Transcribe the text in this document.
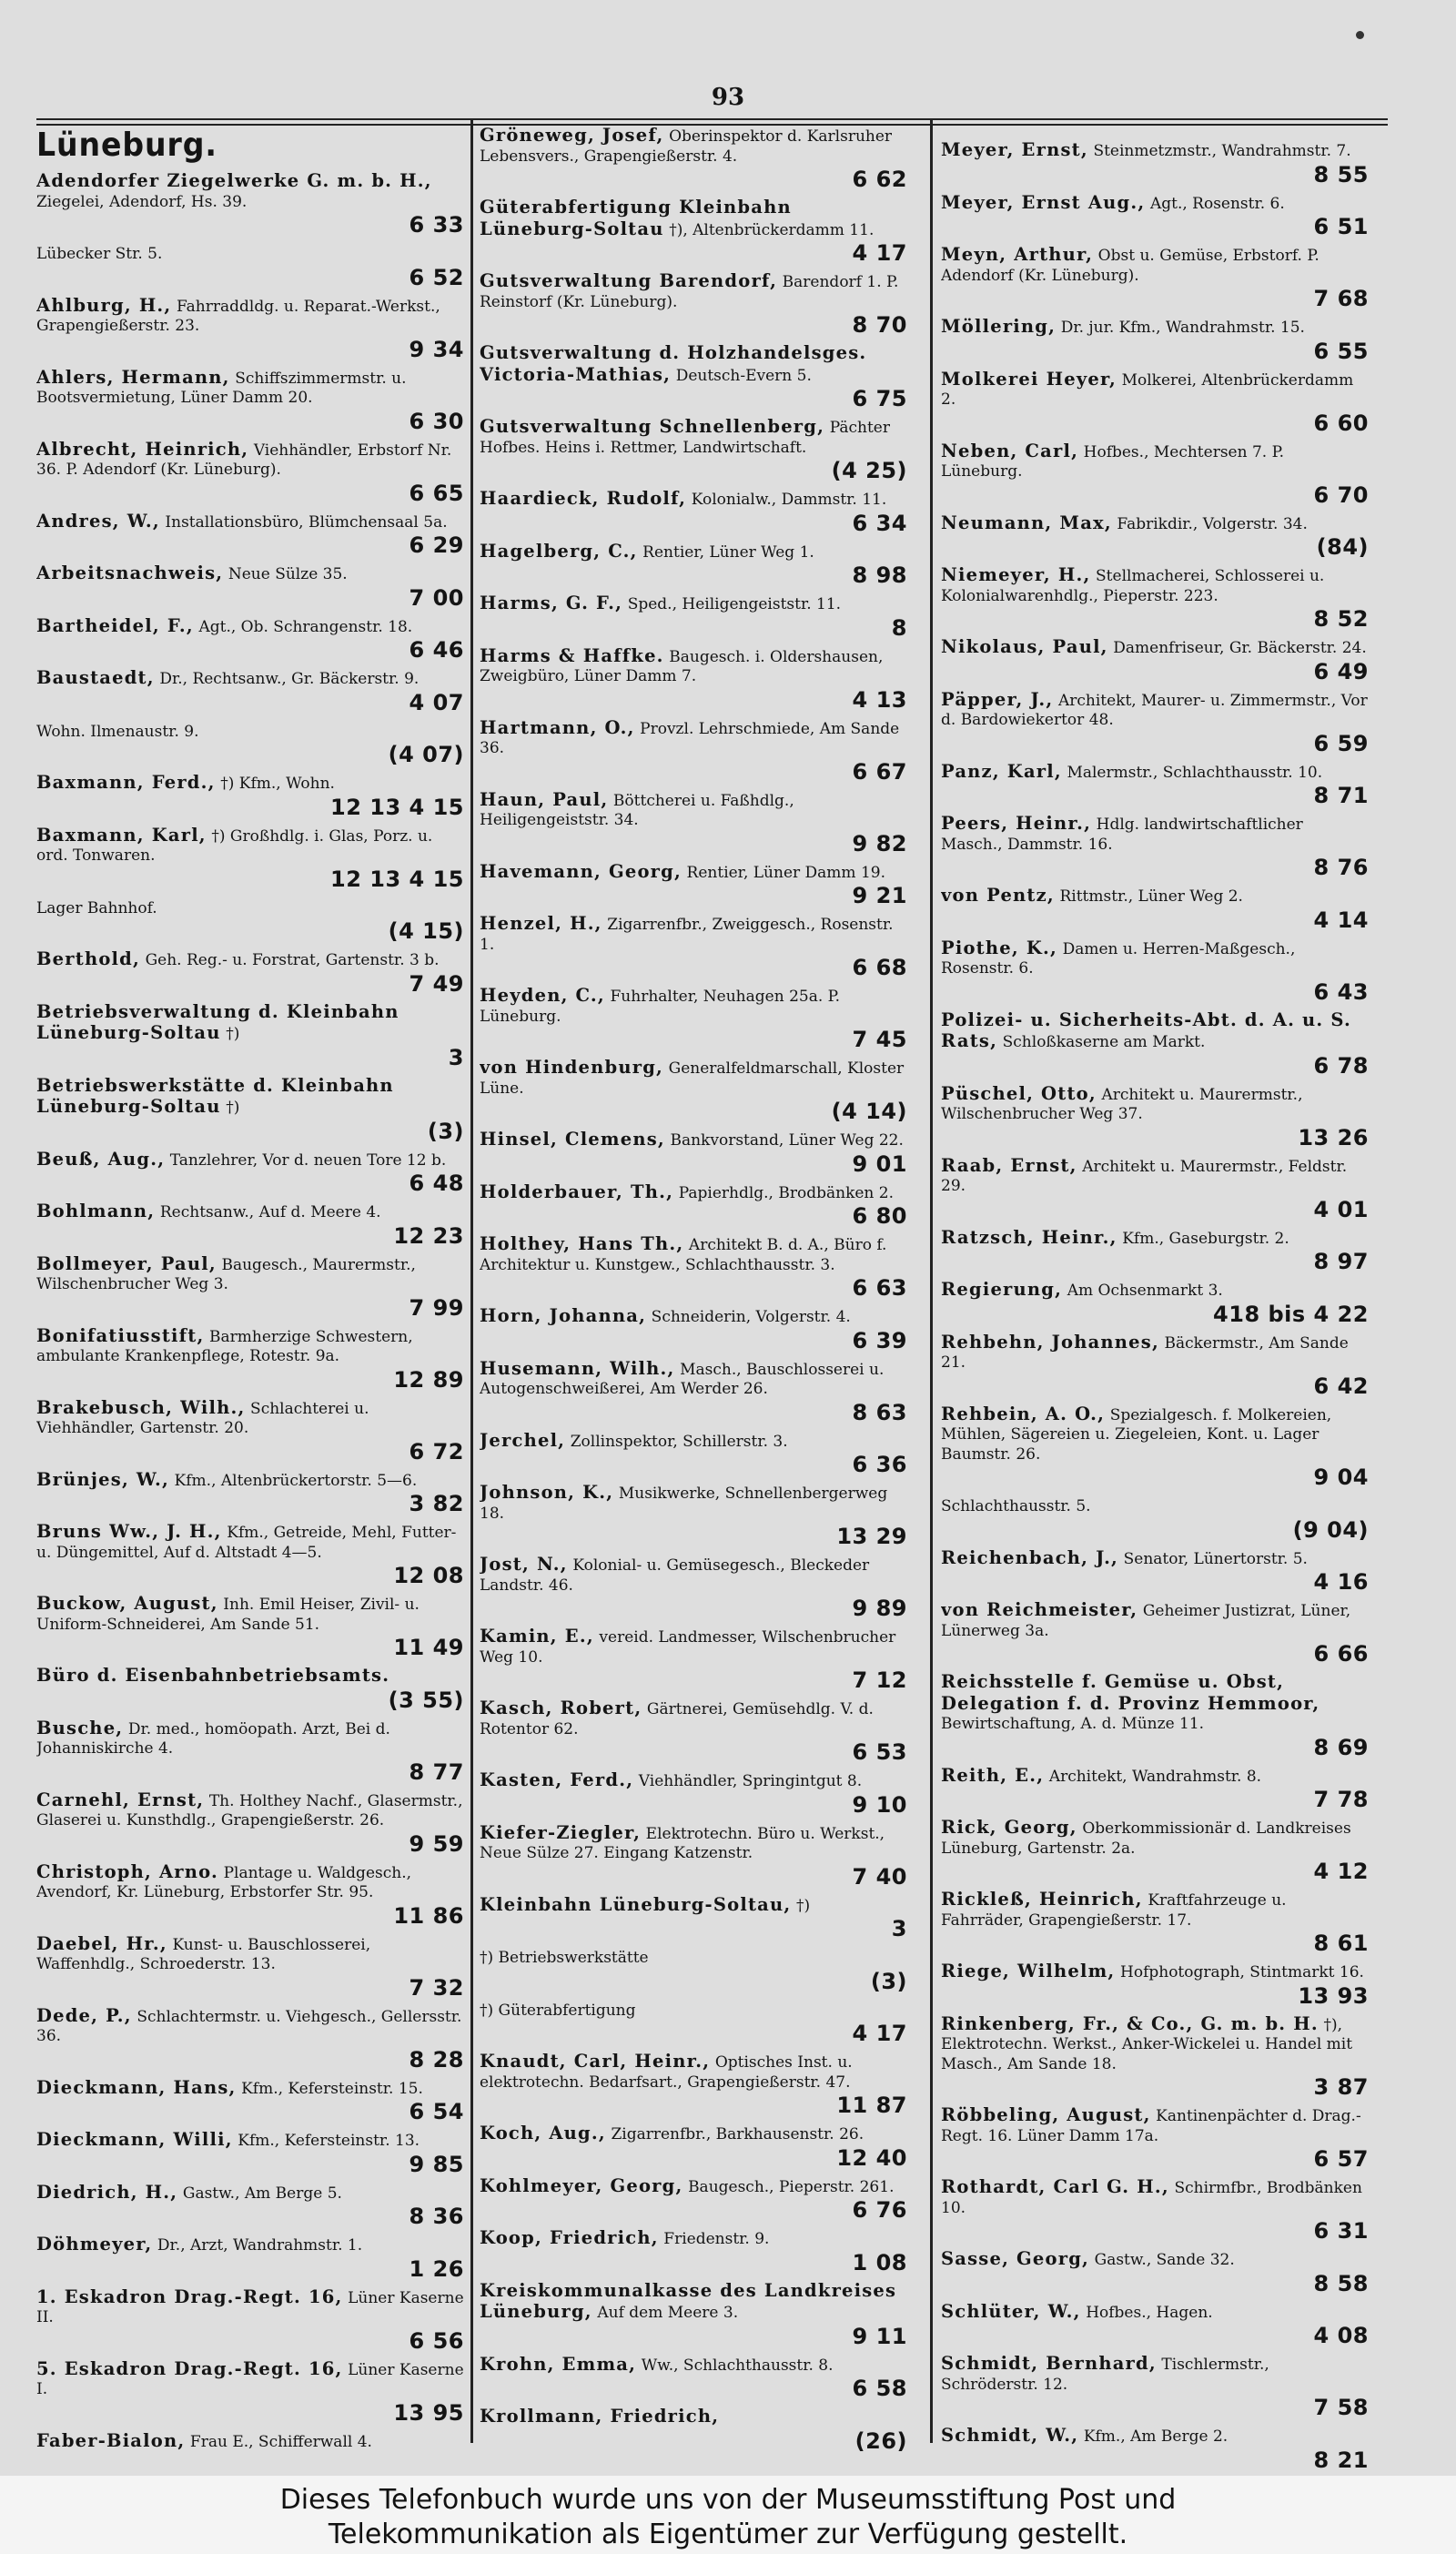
93
Lüneburg.
Adendorfer Ziegelwerke G. m. b. H., Ziegelei, Adendorf, Hs. 39.
6 33
Lübecker Str. 5.
6 52
Ahlburg, H., Fahrraddldg. u. Reparat.-Werkst., Grapengießerstr. 23.
9 34
Ahlers, Hermann, Schiffszimmermstr. u. Bootsvermietung, Lüner Damm 20.
6 30
Albrecht, Heinrich, Viehhändler, Erbstorf Nr. 36. P. Adendorf (Kr. Lüneburg).
6 65
Andres, W., Installationsbüro, Blümchensaal 5a.
6 29
Arbeitsnachweis, Neue Sülze 35.
7 00
Bartheidel, F., Agt., Ob. Schrangenstr. 18.
6 46
Baustaedt, Dr., Rechtsanw., Gr. Bäckerstr. 9.
4 07
Wohn. Ilmenaustr. 9.
(4 07)
Baxmann, Ferd., †) Kfm., Wohn.
12 13 4 15
Baxmann, Karl, †) Großhdlg. i. Glas, Porz. u. ord. Tonwaren.
12 13 4 15
Lager Bahnhof.
(4 15)
Berthold, Geh. Reg.- u. Forstrat, Gartenstr. 3 b.
7 49
Betriebsverwaltung d. Kleinbahn Lüneburg-Soltau †)
3
Betriebswerkstätte d. Kleinbahn Lüneburg-Soltau †)
(3)
Beuß, Aug., Tanzlehrer, Vor d. neuen Tore 12 b.
6 48
Bohlmann, Rechtsanw., Auf d. Meere 4.
12 23
Bollmeyer, Paul, Baugesch., Maurermstr., Wilschenbrucher Weg 3.
7 99
Bonifatiusstift, Barmherzige Schwestern, ambulante Krankenpflege, Rotestr. 9a.
12 89
Brakebusch, Wilh., Schlachterei u. Viehhändler, Gartenstr. 20.
6 72
Brünjes, W., Kfm., Altenbrückertorstr. 5—6.
3 82
Bruns Ww., J. H., Kfm., Getreide, Mehl, Futter- u. Düngemittel, Auf d. Altstadt 4—5.
12 08
Buckow, August, Inh. Emil Heiser, Zivil- u. Uniform-Schneiderei, Am Sande 51.
11 49
Büro d. Eisenbahnbetriebsamts.
(3 55)
Busche, Dr. med., homöopath. Arzt, Bei d. Johanniskirche 4.
8 77
Carnehl, Ernst, Th. Holthey Nachf., Glasermstr., Glaserei u. Kunsthdlg., Grapengießerstr. 26.
9 59
Christoph, Arno. Plantage u. Waldgesch., Avendorf, Kr. Lüneburg, Erbstorfer Str. 95.
11 86
Daebel, Hr., Kunst- u. Bauschlosserei, Waffenhdlg., Schroederstr. 13.
7 32
Dede, P., Schlachtermstr. u. Viehgesch., Gellersstr. 36.
8 28
Dieckmann, Hans, Kfm., Kefersteinstr. 15.
6 54
Dieckmann, Willi, Kfm., Kefersteinstr. 13.
9 85
Diedrich, H., Gastw., Am Berge 5.
8 36
Döhmeyer, Dr., Arzt, Wandrahmstr. 1.
1 26
1. Eskadron Drag.-Regt. 16, Lüner Kaserne II.
6 56
5. Eskadron Drag.-Regt. 16, Lüner Kaserne I.
13 95
Faber-Bialon, Frau E., Schifferwall 4.
Gröneweg, Josef, Oberinspektor d. Karlsruher Lebensvers., Grapengießerstr. 4.
6 62
Güterabfertigung Kleinbahn Lüneburg-Soltau †), Altenbrückerdamm 11.
4 17
Gutsverwaltung Barendorf, Barendorf 1. P. Reinstorf (Kr. Lüneburg).
8 70
Gutsverwaltung d. Holzhandelsges. Victoria-Mathias, Deutsch-Evern 5.
6 75
Gutsverwaltung Schnellenberg, Pächter Hofbes. Heins i. Rettmer, Landwirtschaft.
(4 25)
Haardieck, Rudolf, Kolonialw., Dammstr. 11.
6 34
Hagelberg, C., Rentier, Lüner Weg 1.
8 98
Harms, G. F., Sped., Heiligengeiststr. 11.
8
Harms & Haffke. Baugesch. i. Oldershausen, Zweigbüro, Lüner Damm 7.
4 13
Hartmann, O., Provzl. Lehrschmiede, Am Sande 36.
6 67
Haun, Paul, Böttcherei u. Faßhdlg., Heiligengeiststr. 34.
9 82
Havemann, Georg, Rentier, Lüner Damm 19.
9 21
Henzel, H., Zigarrenfbr., Zweiggesch., Rosenstr. 1.
6 68
Heyden, C., Fuhrhalter, Neuhagen 25a. P. Lüneburg.
7 45
von Hindenburg, Generalfeldmarschall, Kloster Lüne.
(4 14)
Hinsel, Clemens, Bankvorstand, Lüner Weg 22.
9 01
Holderbauer, Th., Papierhdlg., Brodbänken 2.
6 80
Holthey, Hans Th., Architekt B. d. A., Büro f. Architektur u. Kunstgew., Schlachthausstr. 3.
6 63
Horn, Johanna, Schneiderin, Volgerstr. 4.
6 39
Husemann, Wilh., Masch., Bauschlosserei u. Autogenschweißerei, Am Werder 26.
8 63
Jerchel, Zollinspektor, Schillerstr. 3.
6 36
Johnson, K., Musikwerke, Schnellenbergerweg 18.
13 29
Jost, N., Kolonial- u. Gemüsegesch., Bleckeder Landstr. 46.
9 89
Kamin, E., vereid. Landmesser, Wilschenbrucher Weg 10.
7 12
Kasch, Robert, Gärtnerei, Gemüsehdlg. V. d. Rotentor 62.
6 53
Kasten, Ferd., Viehhändler, Springintgut 8.
9 10
Kiefer-Ziegler, Elektrotechn. Büro u. Werkst., Neue Sülze 27. Eingang Katzenstr.
7 40
Kleinbahn Lüneburg-Soltau, †)
3
†) Betriebswerkstätte
(3)
†) Güterabfertigung
4 17
Knaudt, Carl, Heinr., Optisches Inst. u. elektrotechn. Bedarfsart., Grapengießerstr. 47.
11 87
Koch, Aug., Zigarrenfbr., Barkhausenstr. 26.
12 40
Kohlmeyer, Georg, Baugesch., Pieperstr. 261.
6 76
Koop, Friedrich, Friedenstr. 9.
1 08
Kreiskommunalkasse des Landkreises Lüneburg, Auf dem Meere 3.
9 11
Krohn, Emma, Ww., Schlachthausstr. 8.
6 58
Krollmann, Friedrich,
(26)
Meyer, Ernst, Steinmetzmstr., Wandrahmstr. 7.
8 55
Meyer, Ernst Aug., Agt., Rosenstr. 6.
6 51
Meyn, Arthur, Obst u. Gemüse, Erbstorf. P. Adendorf (Kr. Lüneburg).
7 68
Möllering, Dr. jur. Kfm., Wandrahmstr. 15.
6 55
Molkerei Heyer, Molkerei, Altenbrückerdamm 2.
6 60
Neben, Carl, Hofbes., Mechtersen 7. P. Lüneburg.
6 70
Neumann, Max, Fabrikdir., Volgerstr. 34.
(84)
Niemeyer, H., Stellmacherei, Schlosserei u. Kolonialwarenhdlg., Pieperstr. 223.
8 52
Nikolaus, Paul, Damenfriseur, Gr. Bäckerstr. 24.
6 49
Päpper, J., Architekt, Maurer- u. Zimmermstr., Vor d. Bardowiekertor 48.
6 59
Panz, Karl, Malermstr., Schlachthausstr. 10.
8 71
Peers, Heinr., Hdlg. landwirtschaftlicher Masch., Dammstr. 16.
8 76
von Pentz, Rittmstr., Lüner Weg 2.
4 14
Piothe, K., Damen u. Herren-Maßgesch., Rosenstr. 6.
6 43
Polizei- u. Sicherheits-Abt. d. A. u. S. Rats, Schloßkaserne am Markt.
6 78
Püschel, Otto, Architekt u. Maurermstr., Wilschenbrucher Weg 37.
13 26
Raab, Ernst, Architekt u. Maurermstr., Feldstr. 29.
4 01
Ratzsch, Heinr., Kfm., Gaseburgstr. 2.
8 97
Regierung, Am Ochsenmarkt 3.
418 bis 4 22
Rehbehn, Johannes, Bäckermstr., Am Sande 21.
6 42
Rehbein, A. O., Spezialgesch. f. Molkereien, Mühlen, Sägereien u. Ziegeleien, Kont. u. Lager Baumstr. 26.
9 04
Schlachthausstr. 5.
(9 04)
Reichenbach, J., Senator, Lünertorstr. 5.
4 16
von Reichmeister, Geheimer Justizrat, Lüner, Lünerweg 3a.
6 66
Reichsstelle f. Gemüse u. Obst, Delegation f. d. Provinz Hemmoor, Bewirtschaftung, A. d. Münze 11.
8 69
Reith, E., Architekt, Wandrahmstr. 8.
7 78
Rick, Georg, Oberkommissionär d. Landkreises Lüneburg, Gartenstr. 2a.
4 12
Rickleß, Heinrich, Kraftfahrzeuge u. Fahrräder, Grapengießerstr. 17.
8 61
Riege, Wilhelm, Hofphotograph, Stintmarkt 16.
13 93
Rinkenberg, Fr., & Co., G. m. b. H. †), Elektrotechn. Werkst., Anker-Wickelei u. Handel mit Masch., Am Sande 18.
3 87
Röbbeling, August, Kantinenpächter d. Drag.-Regt. 16. Lüner Damm 17a.
6 57
Rothardt, Carl G. H., Schirmfbr., Brodbänken 10.
6 31
Sasse, Georg, Gastw., Sande 32.
8 58
Schlüter, W., Hofbes., Hagen.
4 08
Schmidt, Bernhard, Tischlermstr., Schröderstr. 12.
7 58
Schmidt, W., Kfm., Am Berge 2.
8 21
Dieses Telefonbuch wurde uns von der Museumsstiftung Post und
Telekommunikation als Eigentümer zur Verfügung gestellt.
